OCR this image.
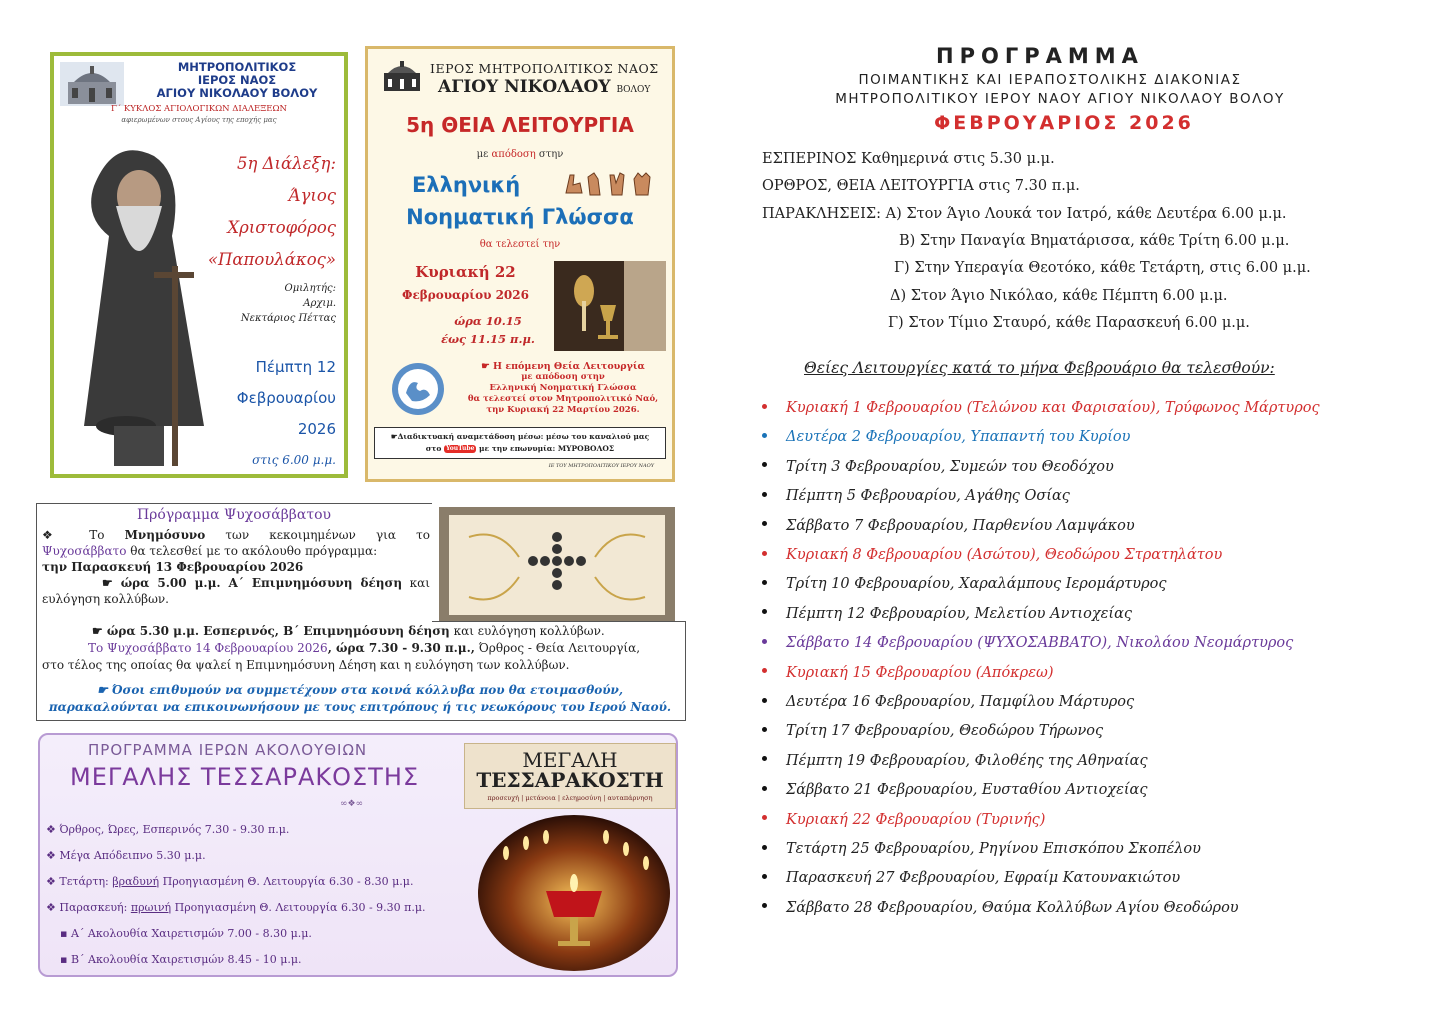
ΜΗΤΡΟΠΟΛΙΤΙΚΟΣ
ΙΕΡΟΣ ΝΑΟΣ
ΑΓΙΟΥ ΝΙΚΟΛΑΟΥ ΒΟΛΟΥ
Γ΄ ΚΥΚΛΟΣ ΑΓΙΟΛΟΓΙΚΩΝ ΔΙΑΛΕΞΕΩΝ
αφιερωμένων στους Αγίους της εποχής μας
5η Διάλεξη:
Άγιος
Χριστοφόρος
«Παπουλάκος»
Ομιλητής:
Αρχιμ.
Νεκτάριος Πέττας
Πέμπτη 12
Φεβρουαρίου
2026
στις 6.00 μ.μ.
ΙΕΡΟΣ ΜΗΤΡΟΠΟΛΙΤΙΚΟΣ ΝΑΟΣ
ΑΓΙΟΥ ΝΙΚΟΛΑΟΥ ΒΟΛΟΥ
5η ΘΕΙΑ ΛΕΙΤΟΥΡΓΙΑ
με απόδοση στην
Ελληνική
Νοηματική Γλώσσα
θα τελεστεί την
Κυριακή 22
Φεβρουαρίου 2026
ώρα 10.15
έως 11.15 π.μ.
☛ Η επόμενη Θεία Λειτουργία
με απόδοση στην
Ελληνική Νοηματική Γλώσσα
θα τελεστεί στον Μητροπολιτικό Ναό,
την Κυριακή 22 Μαρτίου 2026.
☛Διαδικτυακή αναμετάδοση μέσω: μέσω του καναλιού μας
στο YouTube με την επωνυμία: ΜΥΡΟΒΟΛΟΣ
ΙΕ ΤΟΥ ΜΗΤΡΟΠΟΛΙΤΙΚΟΥ ΙΕΡΟΥ ΝΑΟΥ
Πρόγραμμα Ψυχοσάββατου
❖ Το Μνημόσυνο των κεκοιμημένων για το
Ψυχοσάββατο θα τελεσθεί με το ακόλουθο πρόγραμμα:
την Παρασκευή 13 Φεβρουαρίου 2026
☛ ώρα 5.00 μ.μ. Α΄ Επιμνημόσυνη δέηση και
ευλόγηση κολλύβων.
☛ ώρα 5.30 μ.μ. Εσπερινός, Β΄ Επιμνημόσυνη δέηση και ευλόγηση κολλύβων.
Το Ψυχοσάββατο 14 Φεβρουαρίου 2026, ώρα 7.30 - 9.30 π.μ., Όρθρος - Θεία Λειτουργία,
στο τέλος της οποίας θα ψαλεί η Επιμνημόσυνη Δέηση και η ευλόγηση των κολλύβων.
☛ Όσοι επιθυμούν να συμμετέχουν στα κοινά κόλλυβα που θα ετοιμασθούν,
παρακαλούνται να επικοινωνήσουν με τους επιτρόπους ή τις νεωκόρους του Ιερού Ναού.
ΠΡΟΓΡΑΜΜΑ ΙΕΡΩΝ ΑΚΟΛΟΥΘΙΩΝ
ΜΕΓΑΛΗΣ ΤΕΣΣΑΡΑΚΟΣΤΗΣ
∞❖∞
ΜΕΓΑΛΗ
ΤΕΣΣΑΡΑΚΟΣΤΗ
προσευχή | μετάνοια | ελεημοσύνη | αυταπάρνηση
❖ Όρθρος, Ώρες, Εσπερινός 7.30 - 9.30 π.μ.
❖ Μέγα Απόδειπνο 5.30 μ.μ.
❖ Τετάρτη: βραδυνή Προηγιασμένη Θ. Λειτουργία 6.30 - 8.30 μ.μ.
❖ Παρασκευή: πρωινή Προηγιασμένη Θ. Λειτουργία 6.30 - 9.30 π.μ.
▪ Α΄ Ακολουθία Χαιρετισμών 7.00 - 8.30 μ.μ.
▪ Β΄ Ακολουθία Χαιρετισμών 8.45 - 10 μ.μ.
ΠΡΟΓΡΑΜΜΑ
ΠΟΙΜΑΝΤΙΚΗΣ ΚΑΙ ΙΕΡΑΠΟΣΤΟΛΙΚΗΣ ΔΙΑΚΟΝΙΑΣ
ΜΗΤΡΟΠΟΛΙΤΙΚΟΥ ΙΕΡΟΥ ΝΑΟΥ ΑΓΙΟΥ ΝΙΚΟΛΑΟΥ ΒΟΛΟΥ
ΦΕΒΡΟΥΑΡΙΟΣ 2026
ΕΣΠΕΡΙΝΟΣ Καθημερινά στις 5.30 μ.μ.
ΟΡΘΡΟΣ, ΘΕΙΑ ΛΕΙΤΟΥΡΓΙΑ στις 7.30 π.μ.
ΠΑΡΑΚΛΗΣΕΙΣ: Α) Στον Άγιο Λουκά τον Ιατρό, κάθε Δευτέρα 6.00 μ.μ.
Β) Στην Παναγία Βηματάρισσα, κάθε Τρίτη 6.00 μ.μ.
Γ) Στην Υπεραγία Θεοτόκο, κάθε Τετάρτη, στις 6.00 μ.μ.
Δ) Στον Άγιο Νικόλαο, κάθε Πέμπτη 6.00 μ.μ.
Γ) Στον Τίμιο Σταυρό, κάθε Παρασκευή 6.00 μ.μ.
Θείες Λειτουργίες κατά το μήνα Φεβρουάριο θα τελεσθούν:
Κυριακή 1 Φεβρουαρίου (Τελώνου και Φαρισαίου), Τρύφωνος Μάρτυρος
Δευτέρα 2 Φεβρουαρίου, Υπαπαντή του Κυρίου
Τρίτη 3 Φεβρουαρίου, Συμεών του Θεοδόχου
Πέμπτη 5 Φεβρουαρίου, Αγάθης Οσίας
Σάββατο 7 Φεβρουαρίου, Παρθενίου Λαμψάκου
Κυριακή 8 Φεβρουαρίου (Ασώτου), Θεοδώρου Στρατηλάτου
Τρίτη 10 Φεβρουαρίου, Χαραλάμπους Ιερομάρτυρος
Πέμπτη 12 Φεβρουαρίου, Μελετίου Αντιοχείας
Σάββατο 14 Φεβρουαρίου (ΨΥΧΟΣΑΒΒΑΤΟ), Νικολάου Νεομάρτυρος
Κυριακή 15 Φεβρουαρίου (Απόκρεω)
Δευτέρα 16 Φεβρουαρίου, Παμφίλου Μάρτυρος
Τρίτη 17 Φεβρουαρίου, Θεοδώρου Τήρωνος
Πέμπτη 19 Φεβρουαρίου, Φιλοθέης της Αθηναίας
Σάββατο 21 Φεβρουαρίου, Ευσταθίου Αντιοχείας
Κυριακή 22 Φεβρουαρίου (Τυρινής)
Τετάρτη 25 Φεβρουαρίου, Ρηγίνου Επισκόπου Σκοπέλου
Παρασκευή 27 Φεβρουαρίου, Εφραίμ Κατουνακιώτου
Σάββατο 28 Φεβρουαρίου, Θαύμα Κολλύβων Αγίου Θεοδώρου
